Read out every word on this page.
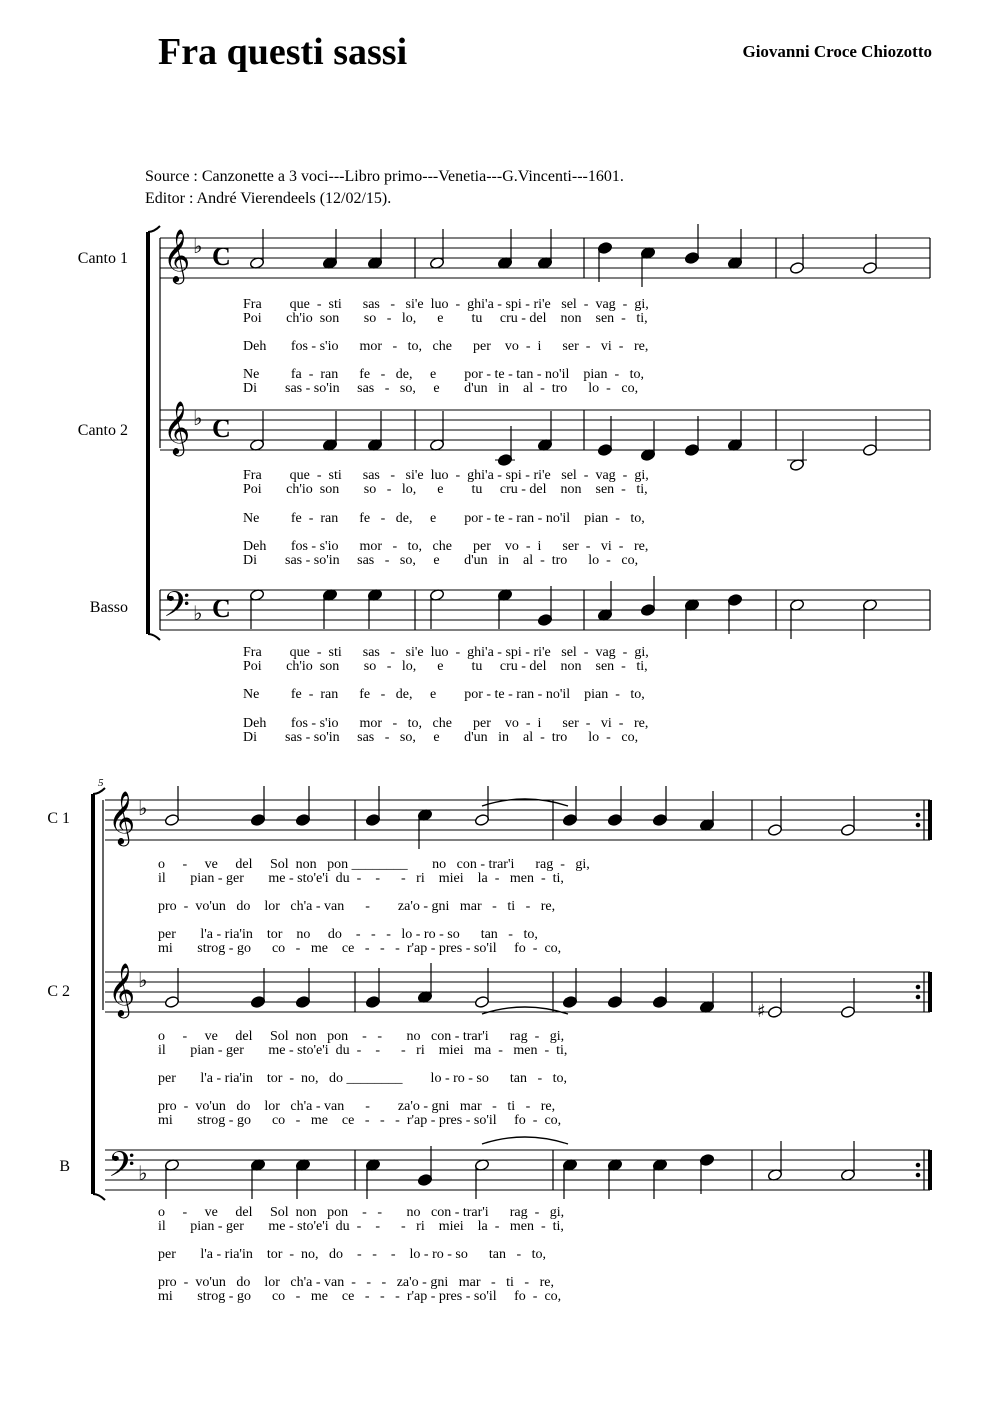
Fra questi sassi	Giovanni Croce Chiozotto
Source : Canzonette a 3 voci---Libro primo---Venetia---G.Vincenti---1601.
Editor : André Vierendeels (12/02/15).
Canto 1
Canto 2
Basso
C 1
C 2
B
Fra        que  -  sti      sas   -   si'e  luo  -  ghi'a - spi - ri'e   sel  -  vag  -  gi,
Poi       ch'io  son       so   -   lo,      e        tu     cru - del    non    sen  -   ti,
Deh       fos - s'io      mor   -   to,   che      per    vo  -  i      ser  -   vi  -   re,
Ne         fa  -  ran      fe   -   de,     e        por - te - tan - no'il    pian  -   to,
Di        sas - so'in     sas   -   so,     e       d'un   in    al  -  tro      lo  -   co,
Fra        que  -  sti      sas   -   si'e  luo  -  ghi'a - spi - ri'e   sel  -  vag  -  gi,
Poi       ch'io  son       so   -   lo,      e        tu     cru - del    non    sen  -   ti,
Ne         fe  -  ran      fe   -   de,     e        por - te - ran - no'il    pian  -   to,
Deh       fos - s'io      mor   -   to,   che      per    vo  -  i      ser  -   vi  -   re,
Di        sas - so'in     sas   -   so,     e       d'un   in    al  -  tro      lo  -   co,
Fra        que  -  sti      sas   -   si'e  luo  -  ghi'a - spi - ri'e   sel  -  vag  -  gi,
Poi       ch'io  son       so   -   lo,      e        tu     cru - del    non    sen  -   ti,
Ne         fe  -  ran      fe   -   de,     e        por - te - ran - no'il    pian  -   to,
Deh       fos - s'io      mor   -   to,   che      per    vo  -  i      ser  -   vi  -   re,
Di        sas - so'in     sas   -   so,     e       d'un   in    al  -  tro      lo  -   co,
o     -     ve     del     Sol  non   pon ________       no   con - trar'i      rag  -   gi,
il       pian - ger       me - sto'e'i  du  -    -      -   ri    miei    la  -   men  -  ti,
pro  -  vo'un   do    lor   ch'a - van      -        za'o - gni   mar   -   ti   -   re,
per       l'a - ria'in    tor    no     do    -   -   -   lo - ro - so      tan   -   to,
mi       strog - go      co   -   me    ce   -   -   -  r'ap - pres - so'il     fo  -  co,
o     -     ve     del     Sol  non   pon    -   -       no   con - trar'i      rag  -   gi,
il       pian - ger       me - sto'e'i  du  -    -      -   ri    miei   ma  -   men  -  ti,
per       l'a - ria'in    tor  -  no,   do ________        lo - ro - so      tan   -   to,
pro  -  vo'un   do    lor   ch'a - van      -        za'o - gni   mar   -   ti   -   re,
mi       strog - go      co   -   me    ce   -   -   -  r'ap - pres - so'il     fo  -  co,
o     -     ve     del     Sol  non   pon    -   -       no   con - trar'i      rag  -   gi,
il       pian - ger       me - sto'e'i  du  -    -      -   ri    miei    la  -   men  -  ti,
per       l'a - ria'in    tor  -  no,   do    -   -    -    lo - ro - so      tan   -   to,
pro  -  vo'un   do    lor   ch'a - van  -   -   -   za'o - gni   mar   -   ti   -   re,
mi       strog - go      co   -   me    ce   -   -   -  r'ap - pres - so'il     fo  -  co,
𝄞 ♭ C
𝄞 ♭ C
𝄢 ♭ C
𝄞 ♭
𝄞 ♭
𝄢 ♭
♯
5
